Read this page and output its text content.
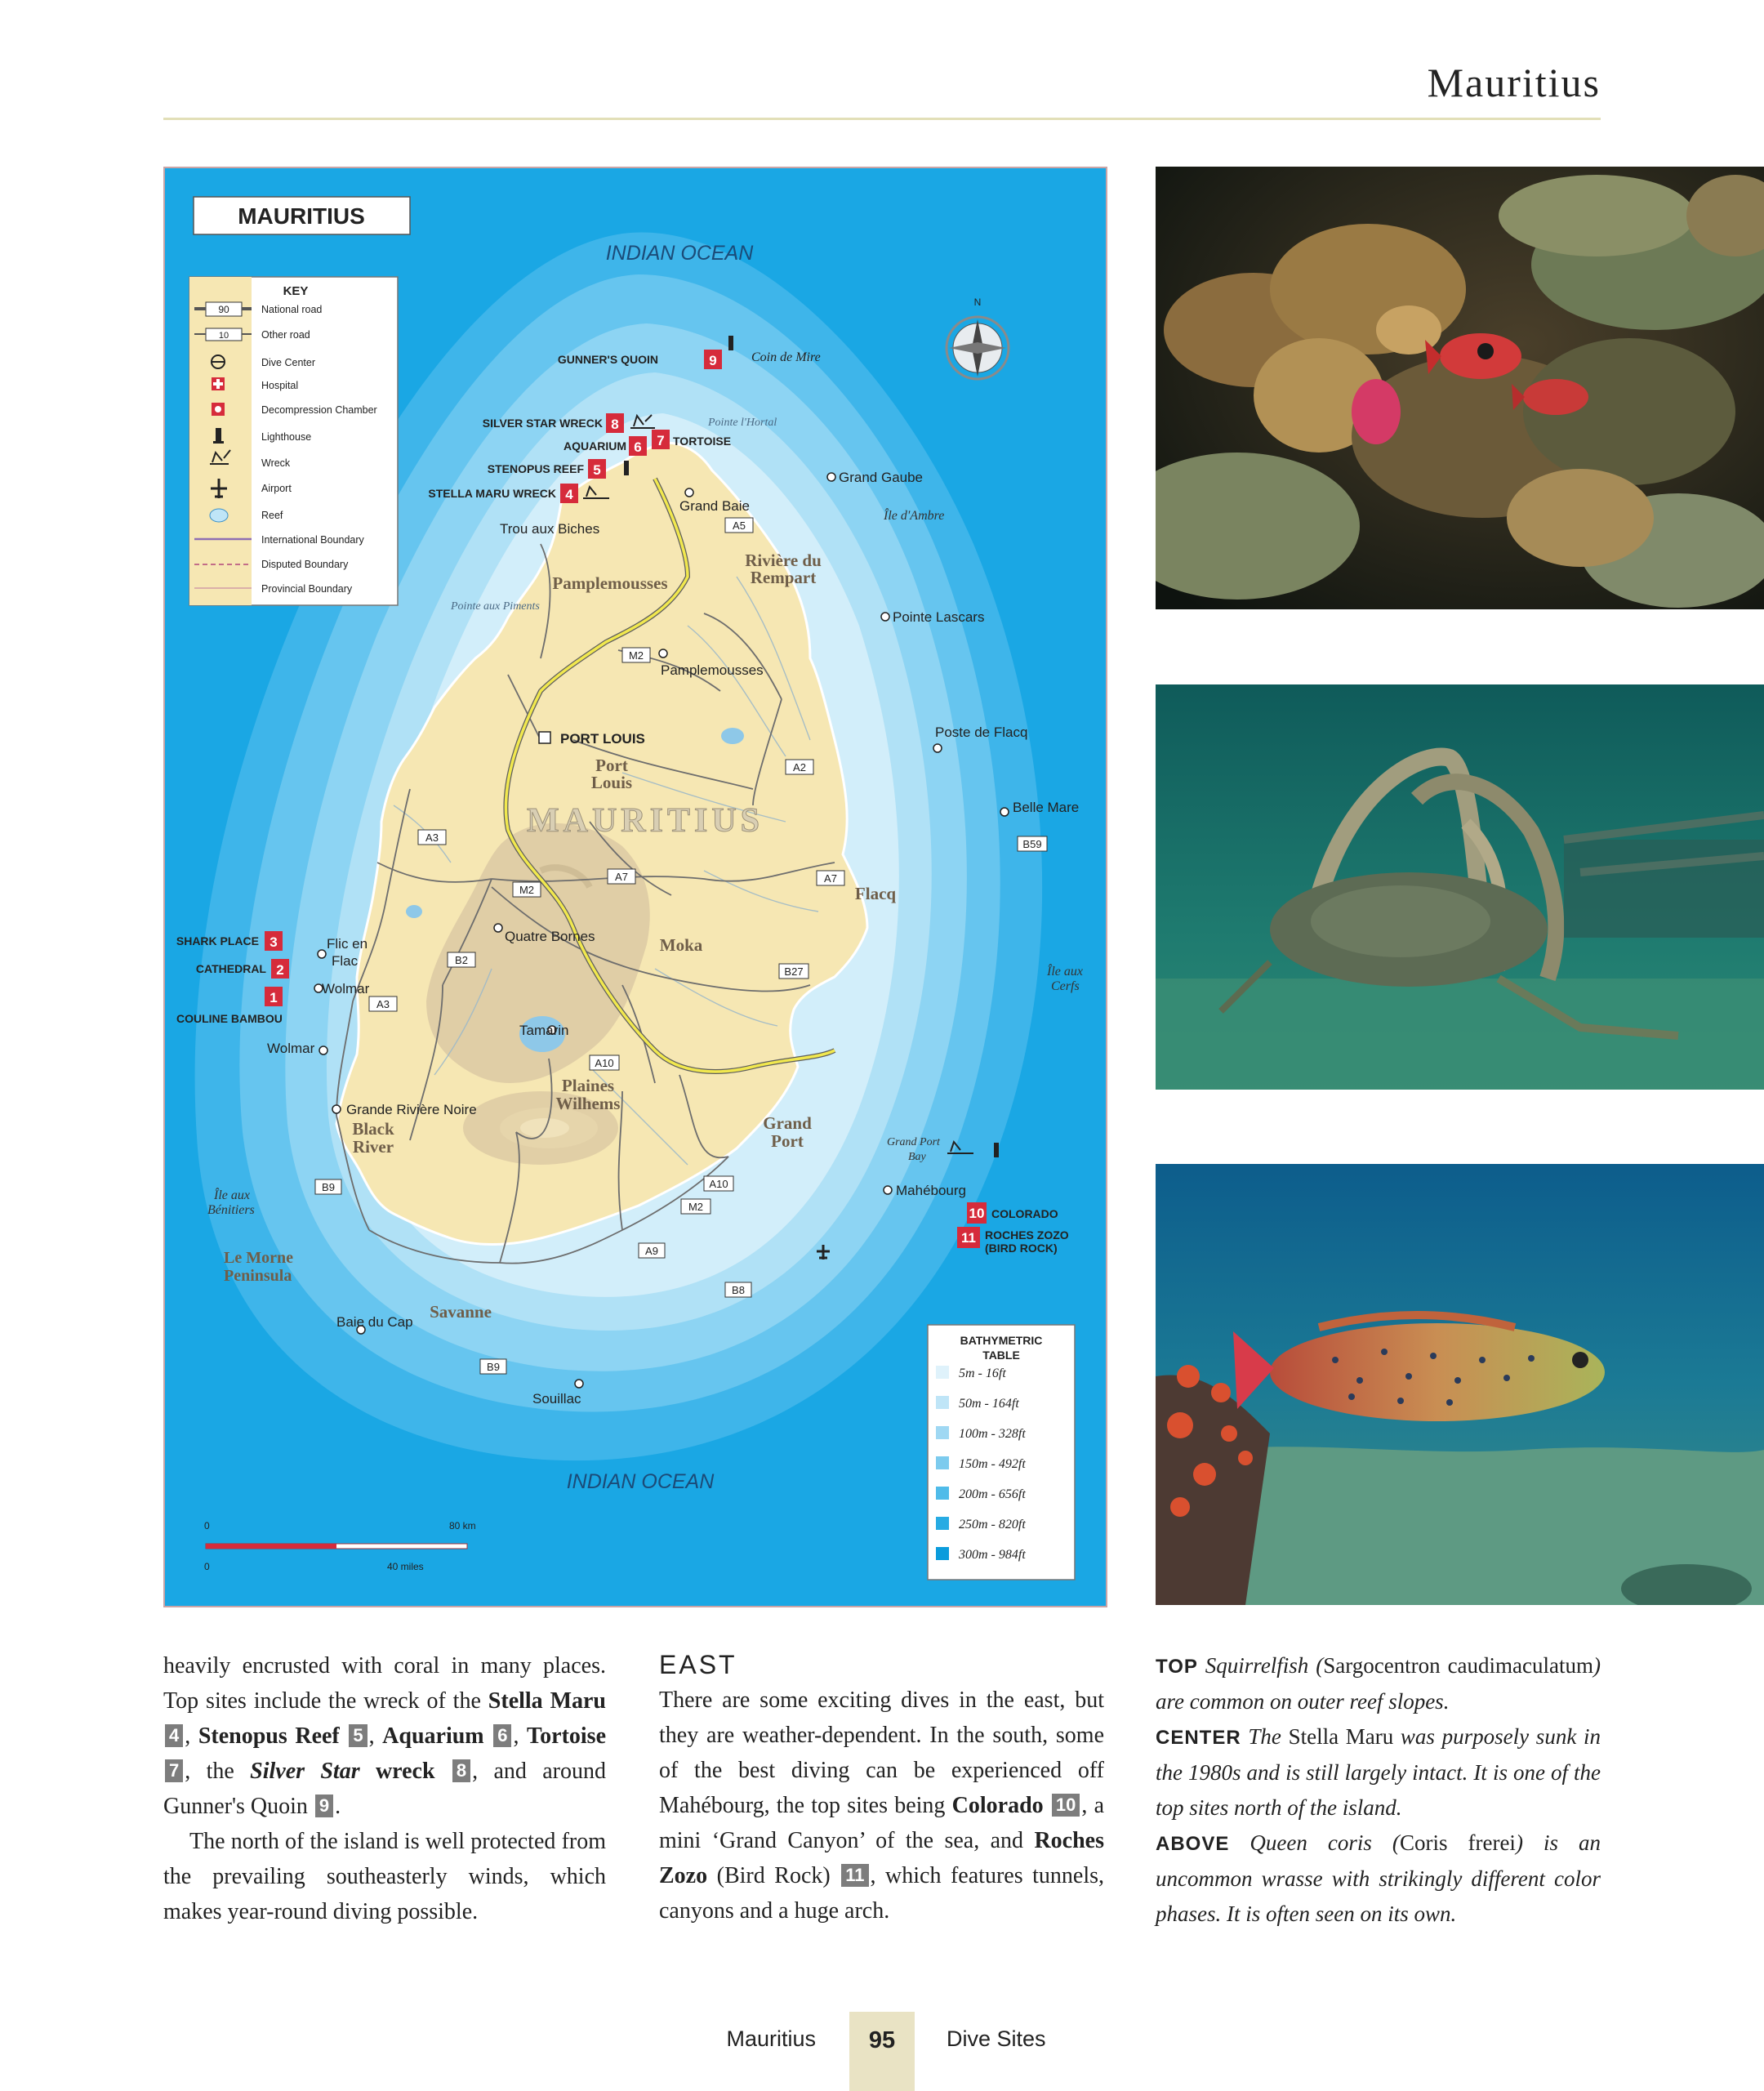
Mauritius
MAURITIUS
INDIAN OCEAN
INDIAN OCEAN
N
KEY
90	National road
10	Other road
Dive Center
Hospital
Decompression Chamber
Lighthouse
Wreck
Airport
Reef
International Boundary
Disputed Boundary
Provincial Boundary
GUNNER'S QUOIN	9	Coin de Mire
SILVER STAR WRECK 8
AQUARIUM 6 7 TORTOISE
STENOPUS REEF 5
STELLA MARU WRECK 4
SHARK PLACE 3
CATHEDRAL 2
1
COULINE BAMBOU
10 COLORADO
11 ROCHES ZOZO
(BIRD ROCK)
Grand Gaube
Grand Baie
Trou aux Biches
Pointe Lascars
Pamplemousses
PORT LOUIS	Poste de Flacq
Belle Mare
Quatre Bornes
Flic en
Flac
Wolmar
Tamarin
Wolmar
Grande Rivière Noire
Mahébourg
Baie du Cap
Souillac
Pamplemousses
Rivière du
Rempart
Port
Louis
Flacq
Moka
Plaines
Wilhems
Black
River
Grand
Port
Savanne
MAURITIUS
Pointe l'Hortal
Île d'Ambre
Pointe aux Piments
Île aux
Cerfs
Grand Port
Bay
Île aux
Bénitiers
Le Morne
Peninsula
A5
M2
A2
B59
A3
M2
A7	A7
B2
B27
A3
A10
A10
M2
B9
A9
B8
B9
BATHYMETRIC
TABLE
5m - 16ft
50m - 164ft
100m - 328ft
150m - 492ft
200m - 656ft
250m - 820ft
300m - 984ft
0	80 km
0	40 miles

heavily encrusted with coral in many places. Top sites include the wreck of the Stella Maru 4 , Stenopus Reef 5 , Aquarium 6 , Tortoise 7 , the Silver Star wreck 8 , and around Gunner's Quoin 9 .

The north of the island is well protected from the prevailing southeasterly winds, which makes year-round diving possible.

EAST

There are some exciting dives in the east, but they are weather-dependent. In the south, some of the best diving can be experienced off Mahébourg, the top sites being Colorado 10 , a mini ‘Grand Canyon’ of the sea, and Roches Zozo (Bird Rock) 11 , which features tunnels, canyons and a huge arch.

TOP Squirrelfish (Sargocentron caudimaculatum) are common on outer reef slopes.

CENTER The Stella Maru was purposely sunk in the 1980s and is still largely intact. It is one of the top sites north of the island.

ABOVE Queen coris (Coris frerei) is an uncommon wrasse with strikingly different color phases. It is often seen on its own.

Mauritius	95	Dive Sites
